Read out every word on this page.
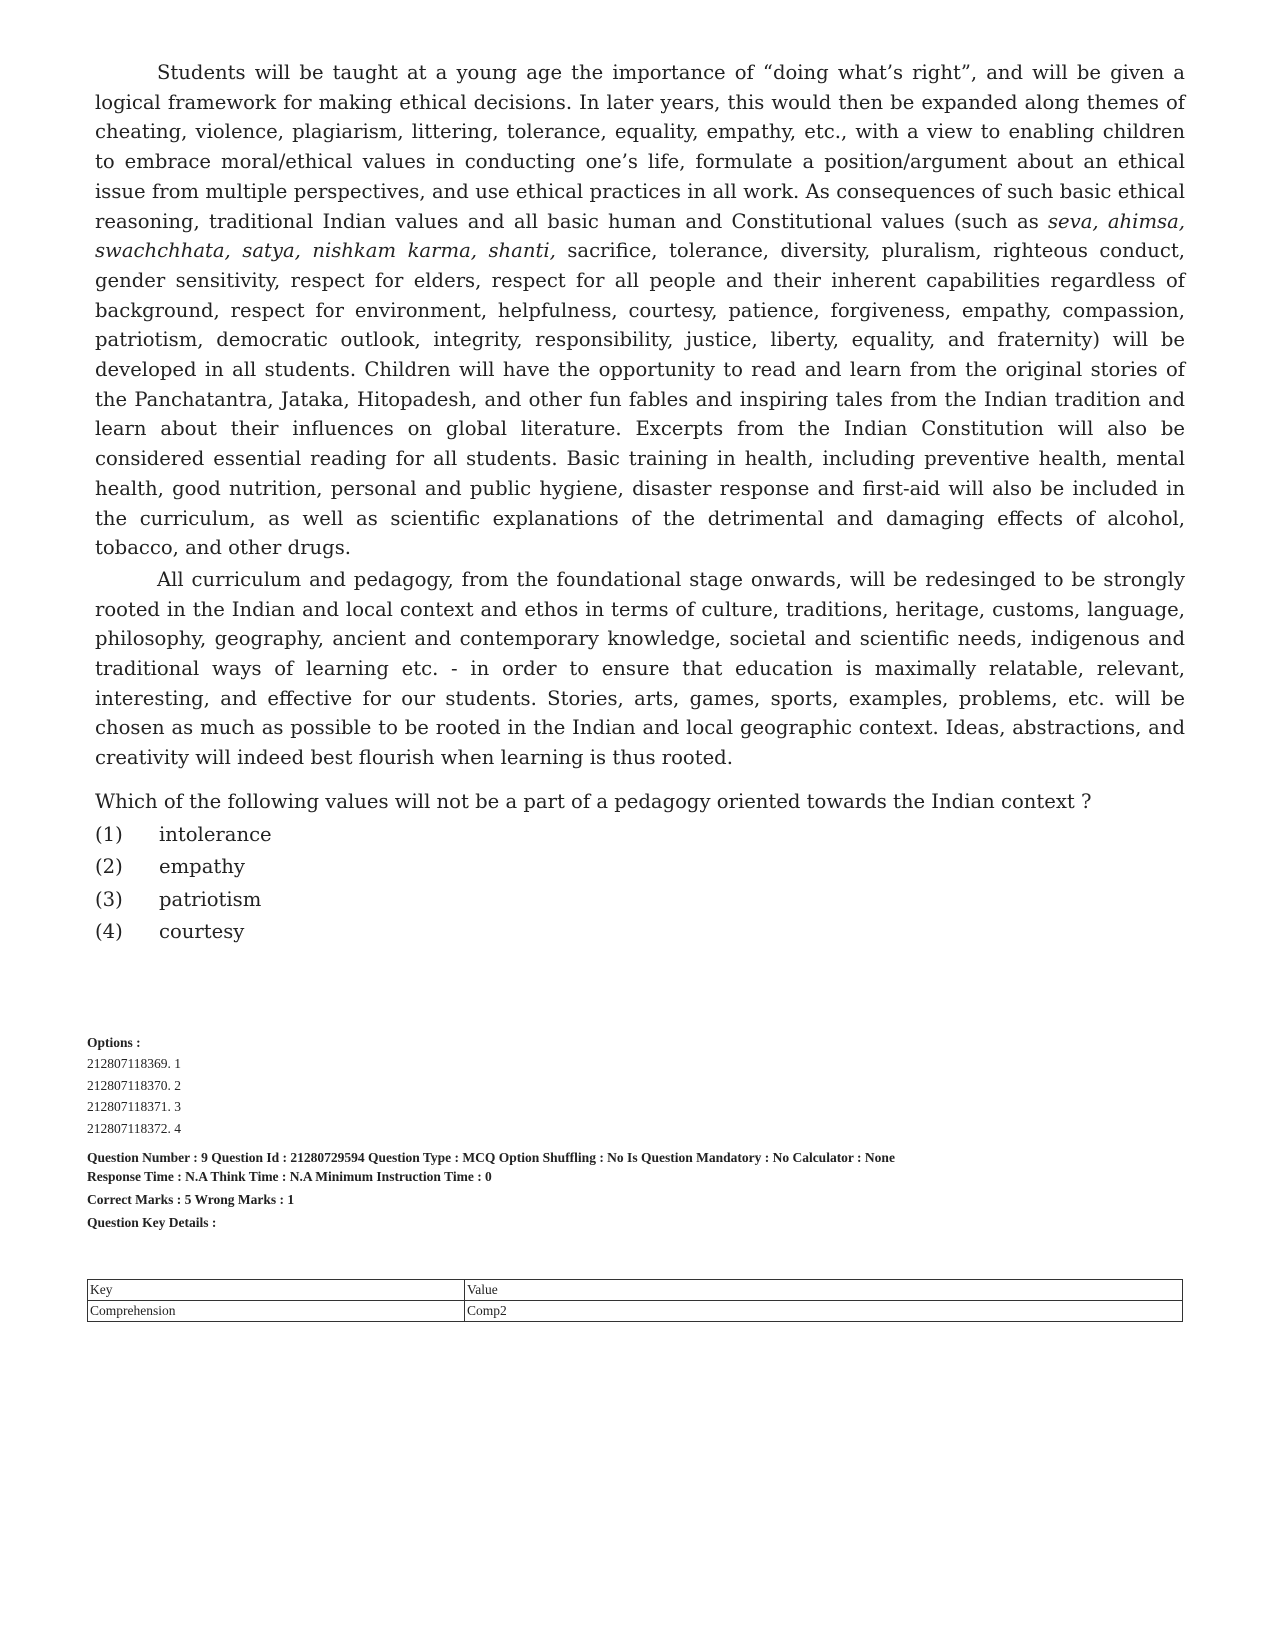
Students will be taught at a young age the importance of “doing what’s right”, and will be given a logical framework for making ethical decisions. In later years, this would then be expanded along themes of cheating, violence, plagiarism, littering, tolerance, equality, empathy, etc., with a view to enabling children to embrace moral/ethical values in conducting one’s life, formulate a position/argument about an ethical issue from multiple perspectives, and use ethical practices in all work. As consequences of such basic ethical reasoning, traditional Indian values and all basic human and Constitutional values (such as seva, ahimsa, swachchhata, satya, nishkam karma, shanti, sacrifice, tolerance, diversity, pluralism, righteous conduct, gender sensitivity, respect for elders, respect for all people and their inherent capabilities regardless of background, respect for environment, helpfulness, courtesy, patience, forgiveness, empathy, compassion, patriotism, democratic outlook, integrity, responsibility, justice, liberty, equality, and fraternity) will be developed in all students. Children will have the opportunity to read and learn from the original stories of the Panchatantra, Jataka, Hitopadesh, and other fun fables and inspiring tales from the Indian tradition and learn about their influences on global literature. Excerpts from the Indian Constitution will also be considered essential reading for all students. Basic training in health, including preventive health, mental health, good nutrition, personal and public hygiene, disaster response and first-aid will also be included in the curriculum, as well as scientific explanations of the detrimental and damaging effects of alcohol, tobacco, and other drugs.

All curriculum and pedagogy, from the foundational stage onwards, will be redesinged to be strongly rooted in the Indian and local context and ethos in terms of culture, traditions, heritage, customs, language, philosophy, geography, ancient and contemporary knowledge, societal and scientific needs, indigenous and traditional ways of learning etc. - in order to ensure that education is maximally relatable, relevant, interesting, and effective for our students. Stories, arts, games, sports, examples, problems, etc. will be chosen as much as possible to be rooted in the Indian and local geographic context. Ideas, abstractions, and creativity will indeed best flourish when learning is thus rooted.

Which of the following values will not be a part of a pedagogy oriented towards the Indian context ?

(1)	intolerance
(2)	empathy
(3)	patriotism
(4)	courtesy
Options :
212807118369. 1
212807118370. 2
212807118371. 3
212807118372. 4
Question Number : 9 Question Id : 21280729594 Question Type : MCQ Option Shuffling : No Is Question Mandatory : No Calculator : None
Response Time : N.A Think Time : N.A Minimum Instruction Time : 0
Correct Marks : 5 Wrong Marks : 1
Question Key Details :
Key	Value
Comprehension	Comp2
